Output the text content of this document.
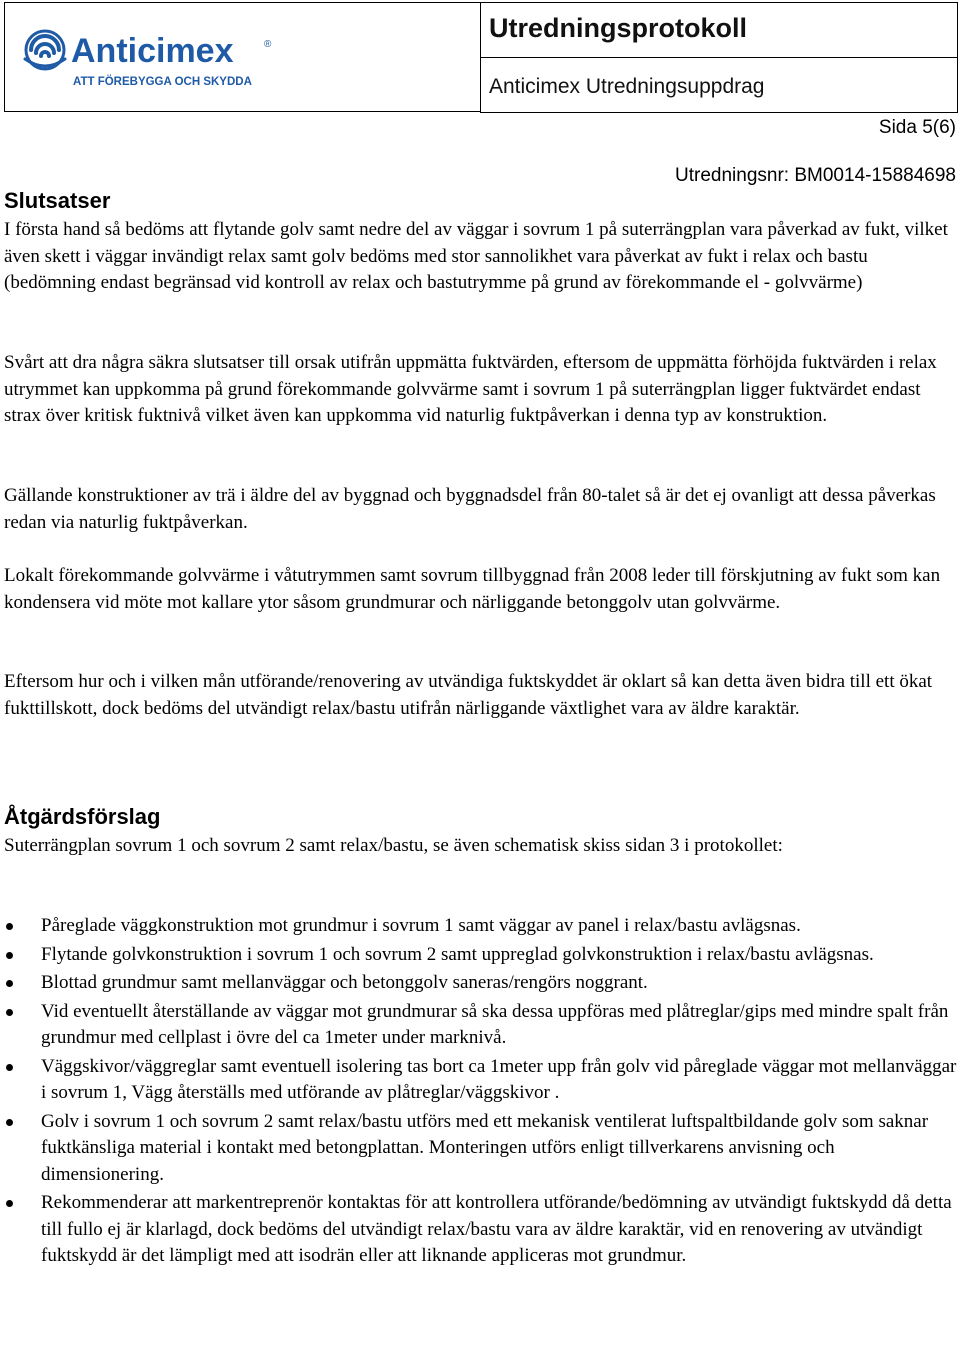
Anticimex	®
ATT FÖREBYGGA OCH SKYDDA
Utredningsprotokoll
Anticimex Utredningsuppdrag
Sida 5(6)
Utredningsnr: BM0014-15884698
Slutsatser

I första hand så bedöms att flytande golv samt nedre del av väggar i sovrum 1 på suterrängplan vara påverkad av fukt, vilket även skett i väggar invändigt relax samt golv bedöms med stor sannolikhet vara påverkat av fukt i relax och bastu (bedömning endast begränsad vid kontroll av relax och bastutrymme på grund av förekommande el - golvvärme)

Svårt att dra några säkra slutsatser till orsak utifrån uppmätta fuktvärden, eftersom de uppmätta förhöjda fuktvärden i relax utrymmet kan uppkomma på grund förekommande golvvärme samt i sovrum 1 på suterrängplan ligger fuktvärdet endast strax över kritisk fuktnivå vilket även kan uppkomma vid naturlig fuktpåverkan i denna typ av konstruktion.

Gällande konstruktioner av trä i äldre del av byggnad och byggnadsdel från 80-talet så är det ej ovanligt att dessa påverkas redan via naturlig fuktpåverkan.

Lokalt förekommande golvvärme i våtutrymmen samt sovrum tillbyggnad från 2008 leder till förskjutning av fukt som kan kondensera vid möte mot kallare ytor såsom grundmurar och närliggande betonggolv utan golvvärme.

Eftersom hur och i vilken mån utförande/renovering av utvändiga fuktskyddet är oklart så kan detta även bidra till ett ökat fukttillskott, dock bedöms del utvändigt relax/bastu utifrån närliggande växtlighet vara av äldre karaktär.

Åtgärdsförslag

Suterrängplan sovrum 1 och sovrum 2 samt relax/bastu, se även schematisk skiss sidan 3 i protokollet:

Påreglade väggkonstruktion mot grundmur i sovrum 1 samt väggar av panel i relax/bastu avlägsnas.
Flytande golvkonstruktion i sovrum 1 och sovrum 2 samt uppreglad golvkonstruktion i relax/bastu avlägsnas.
Blottad grundmur samt mellanväggar och betonggolv saneras/rengörs noggrant.
Vid eventuellt återställande av väggar mot grundmurar så ska dessa uppföras med plåtreglar/gips med mindre spalt från grundmur med cellplast i övre del ca 1meter under marknivå.
Väggskivor/väggreglar samt eventuell isolering tas bort ca 1meter upp från golv vid påreglade väggar mot mellanväggar i sovrum 1, Vägg återställs med utförande av plåtreglar/väggskivor .
Golv i sovrum 1 och sovrum 2 samt relax/bastu utförs med ett mekanisk ventilerat luftspaltbildande golv som saknar fuktkänsliga material i kontakt med betongplattan. Monteringen utförs enligt tillverkarens anvisning och dimensionering.
Rekommenderar att markentreprenör kontaktas för att kontrollera utförande/bedömning av utvändigt fuktskydd då detta till fullo ej är klarlagd, dock bedöms del utvändigt relax/bastu vara av äldre karaktär, vid en renovering av utvändigt fuktskydd är det lämpligt med att isodrän eller att liknande appliceras mot grundmur.
